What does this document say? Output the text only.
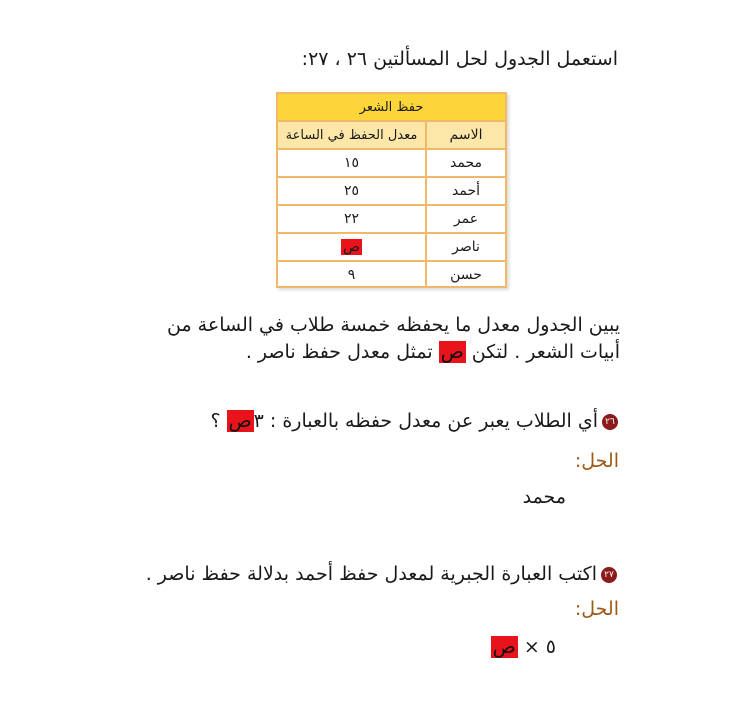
استعمل الجدول لحل المسألتين ٢٦ ، ٢٧:
حفظ الشعر
الاسم
معدل الحفظ في الساعة
محمد
١٥
أحمد
٢٥
عمر
٢٢
ناصر
ص
حسن
٩
يبين الجدول معدل ما يحفظه خمسة طلاب في الساعة من
أبيات الشعر . لتكن ص تمثل معدل حفظ ناصر .
٢٦أي الطلاب يعبر عن معدل حفظه بالعبارة : ٣ص ؟
الحل:
محمد
٢٧اكتب العبارة الجبرية لمعدل حفظ أحمد بدلالة حفظ ناصر .
الحل:
٥ × ص
